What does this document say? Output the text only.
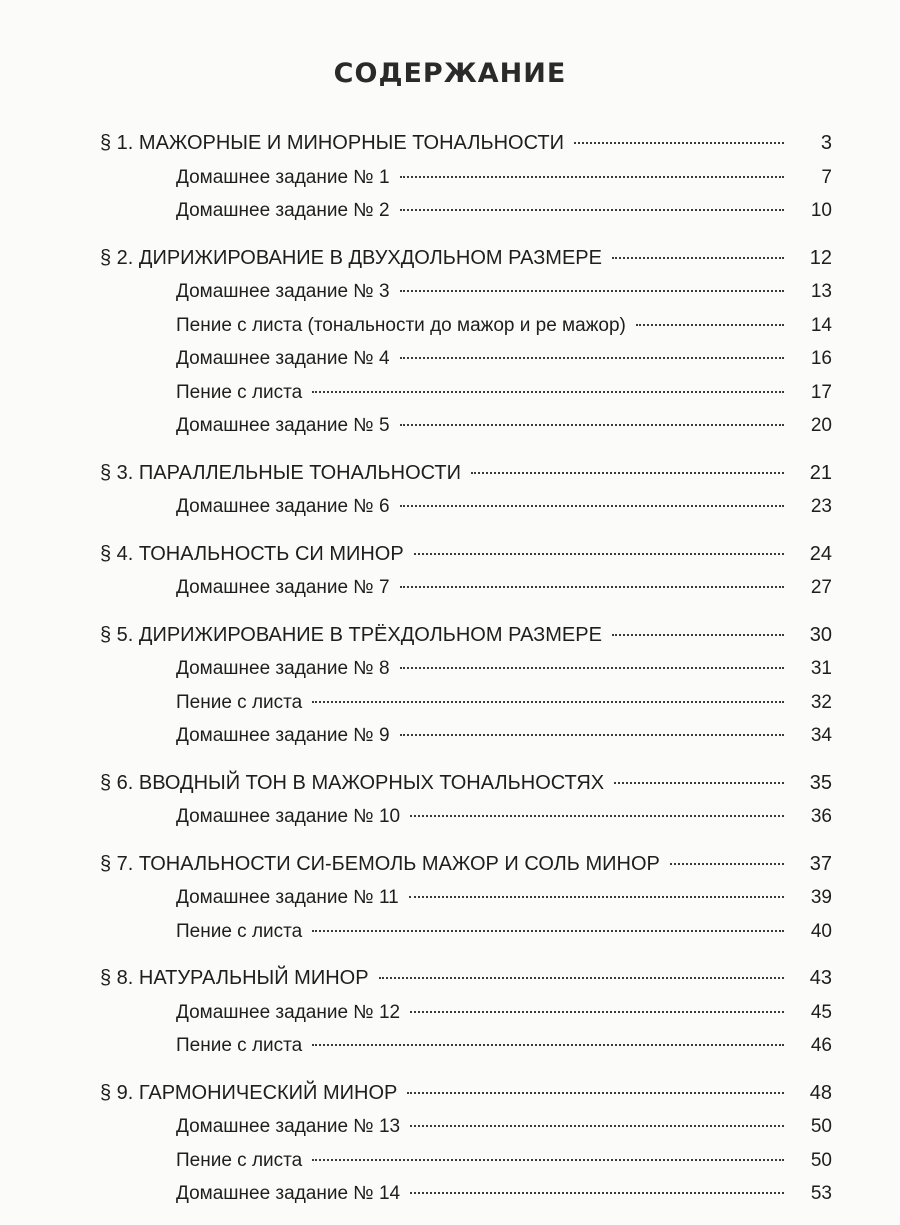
СОДЕРЖАНИЕ
§ 1. МАЖОРНЫЕ И МИНОРНЫЕ ТОНАЛЬНОСТИ	3
Домашнее задание № 1	7
Домашнее задание № 2	10
§ 2. ДИРИЖИРОВАНИЕ В ДВУХДОЛЬНОМ РАЗМЕРЕ	12
Домашнее задание № 3	13
Пение с листа (тональности до мажор и ре мажор)	14
Домашнее задание № 4	16
Пение с листа	17
Домашнее задание № 5	20
§ 3. ПАРАЛЛЕЛЬНЫЕ ТОНАЛЬНОСТИ	21
Домашнее задание № 6	23
§ 4. ТОНАЛЬНОСТЬ СИ МИНОР	24
Домашнее задание № 7	27
§ 5. ДИРИЖИРОВАНИЕ В ТРЁХДОЛЬНОМ РАЗМЕРЕ	30
Домашнее задание № 8	31
Пение с листа	32
Домашнее задание № 9	34
§ 6. ВВОДНЫЙ ТОН В МАЖОРНЫХ ТОНАЛЬНОСТЯХ	35
Домашнее задание № 10	36
§ 7. ТОНАЛЬНОСТИ СИ-БЕМОЛЬ МАЖОР И СОЛЬ МИНОР	37
Домашнее задание № 11	39
Пение с листа	40
§ 8. НАТУРАЛЬНЫЙ МИНОР	43
Домашнее задание № 12	45
Пение с листа	46
§ 9. ГАРМОНИЧЕСКИЙ МИНОР	48
Домашнее задание № 13	50
Пение с листа	50
Домашнее задание № 14	53
